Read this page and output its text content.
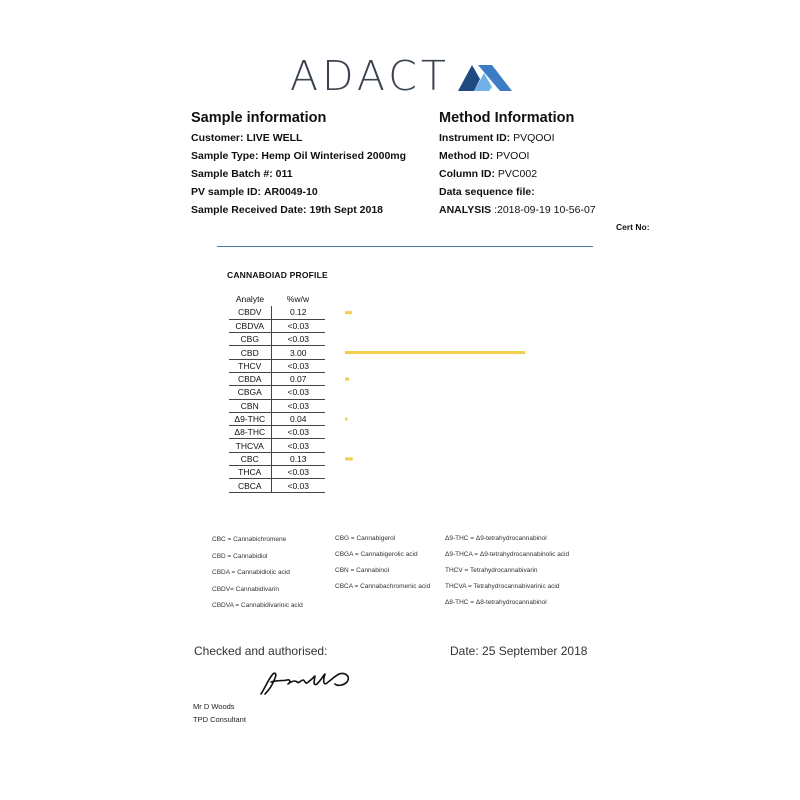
ADACT
Sample information
Customer: LIVE WELL
Sample Type: Hemp Oil Winterised 2000mg
Sample Batch #: 011
PV sample ID: AR0049-10
Sample Received Date: 19th Sept 2018
Method Information
Instrument ID: PVQOOI
Method ID: PVOOI
Column ID: PVC002
Data sequence file:
ANALYSIS :2018-09-19 10-56-07
Cert No:
CANNABOIAD PROFILE
Analyte	%w/w
CBDV	0.12
CBDVA	<0.03
CBG	<0.03
CBD	3.00
THCV	<0.03
CBDA	0.07
CBGA	<0.03
CBN	<0.03
Δ9-THC	0.04
Δ8-THC	<0.03
THCVA	<0.03
CBC	0.13
THCA	<0.03
CBCA	<0.03
CBC = Cannabichromene
CBD = Cannabidiol
CBDA = Cannabidiolic acid
CBDV= Cannabidivarin
CBDVA = Cannabidivarinic acid
CBG = Cannabigerol
CBGA = Cannabigerolic acid
CBN = Cannabinol
CBCA = Cannabachromenic acid
Δ9-THC = Δ9-tetrahydrocannabinol
Δ9-THCA = Δ9-tetrahydrocannabinolic acid
THCV = Tetrahydrocannabivarin
THCVA = Tetrahydrocannabivarinic acid
Δ8-THC = Δ8-tetrahydrocannabinol
Checked and authorised:	Date: 25 September 2018
Mr D Woods
TPD Consultant
